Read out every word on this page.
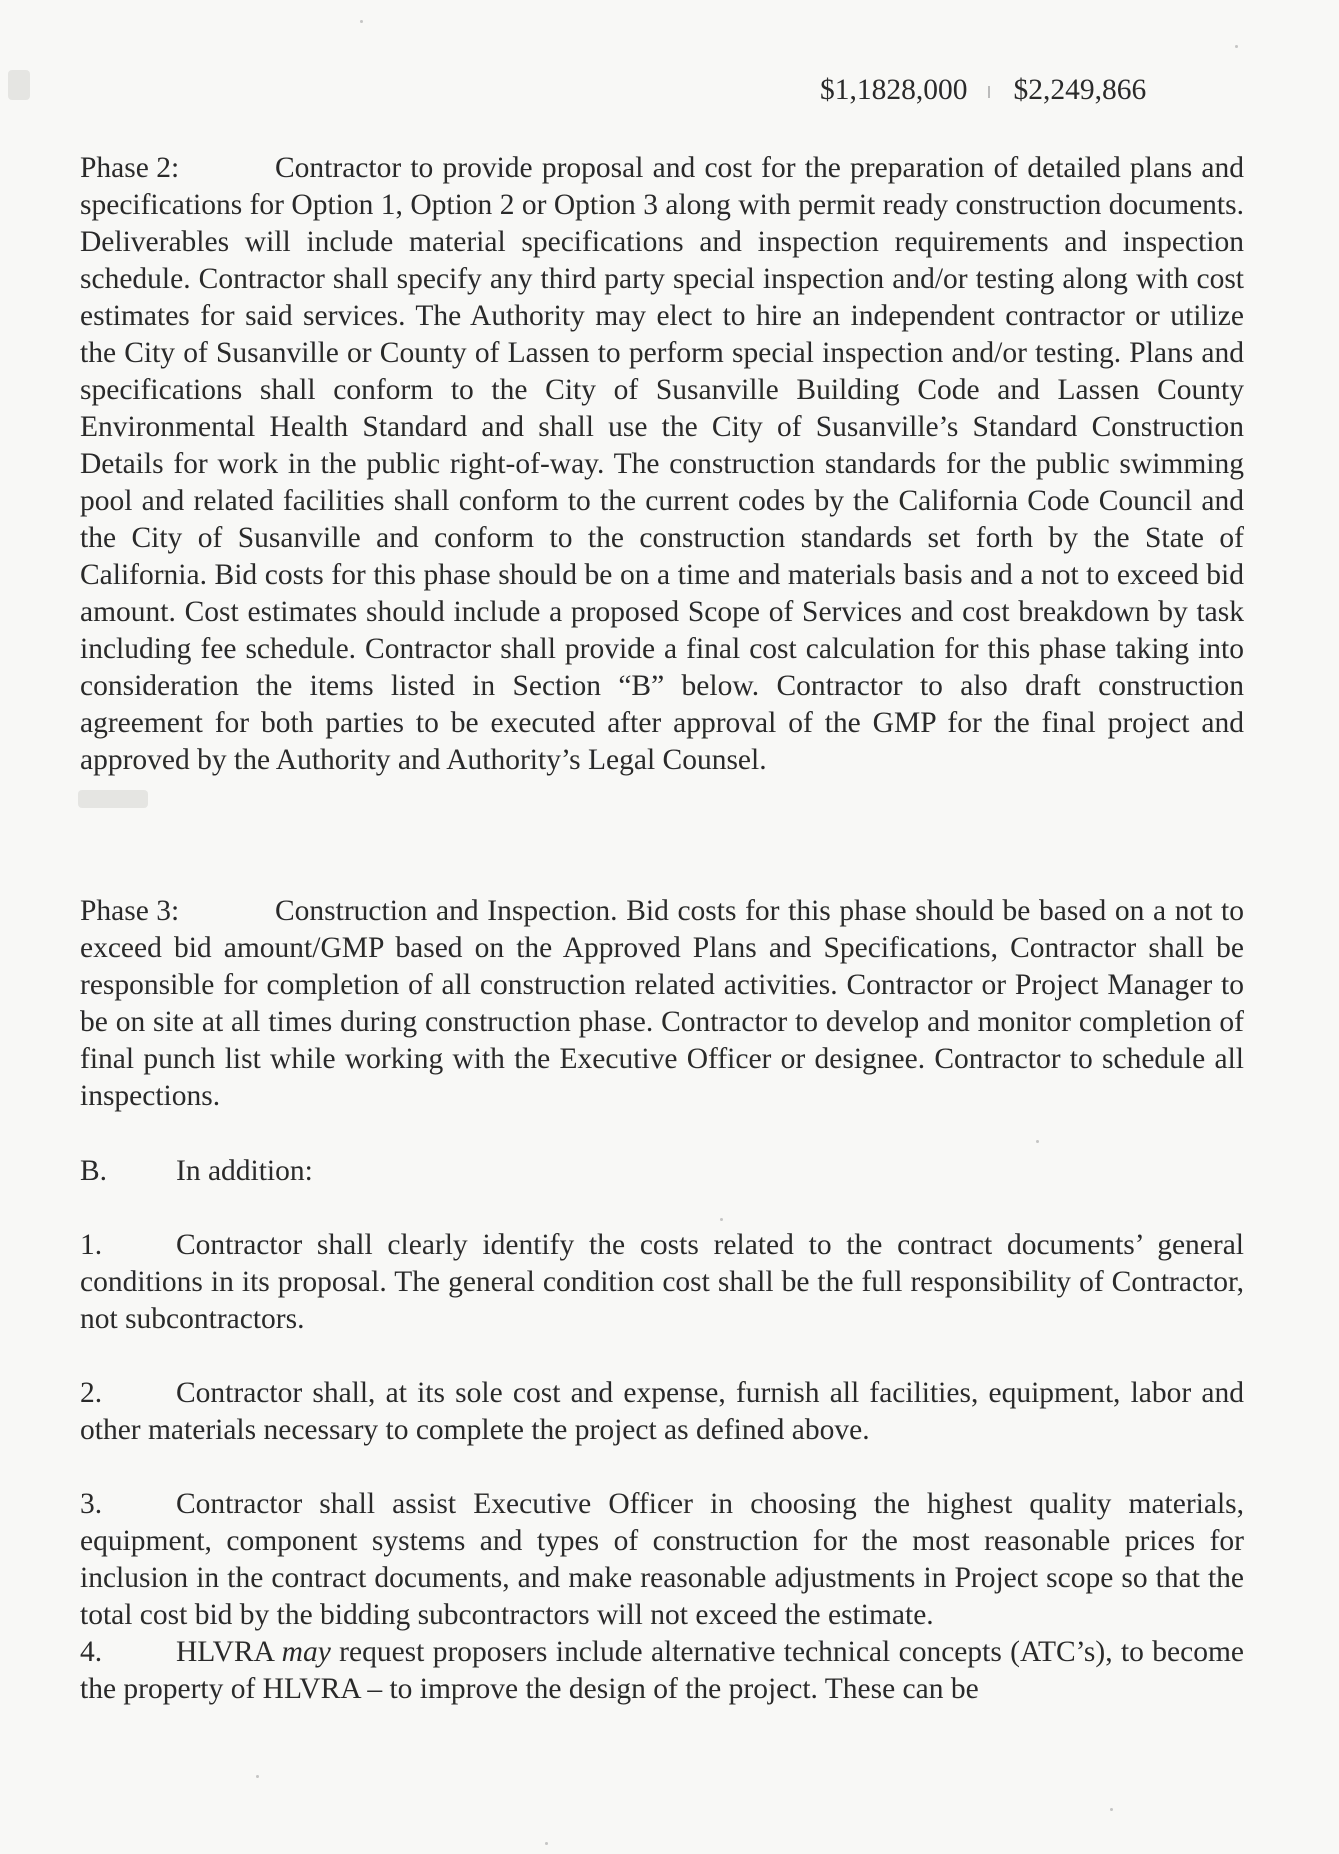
$1,1828,000 $2,249,866

Phase 2:	Contractor to provide proposal and cost for the preparation of detailed plans and specifications for Option 1, Option 2 or Option 3 along with permit ready construction documents. Deliverables will include material specifications and inspection requirements and inspection schedule. Contractor shall specify any third party special inspection and/or testing along with cost estimates for said services. The Authority may elect to hire an independent contractor or utilize the City of Susanville or County of Lassen to perform special inspection and/or testing. Plans and specifications shall conform to the City of Susanville Building Code and Lassen County Environmental Health Standard and shall use the City of Susanville’s Standard Construction Details for work in the public right-of-way. The construction standards for the public swimming pool and related facilities shall conform to the current codes by the California Code Council and the City of Susanville and conform to the construction standards set forth by the State of California. Bid costs for this phase should be on a time and materials basis and a not to exceed bid amount. Cost estimates should include a proposed Scope of Services and cost breakdown by task including fee schedule. Contractor shall provide a final cost calculation for this phase taking into consideration the items listed in Section “B” below. Contractor to also draft construction agreement for both parties to be executed after approval of the GMP for the final project and approved by the Authority and Authority’s Legal Counsel.

Phase 3:	Construction and Inspection. Bid costs for this phase should be based on a not to exceed bid amount/GMP based on the Approved Plans and Specifications, Contractor shall be responsible for completion of all construction related activities. Contractor or Project Manager to be on site at all times during construction phase. Contractor to develop and monitor completion of final punch list while working with the Executive Officer or designee. Contractor to schedule all inspections.

B. In addition:

1.	Contractor shall clearly identify the costs related to the contract documents’ general conditions in its proposal. The general condition cost shall be the full responsibility of Contractor, not subcontractors.

2.	Contractor shall, at its sole cost and expense, furnish all facilities, equipment, labor and other materials necessary to complete the project as defined above.

3.	Contractor shall assist Executive Officer in choosing the highest quality materials, equipment, component systems and types of construction for the most reasonable prices for inclusion in the contract documents, and make reasonable adjustments in Project scope so that the total cost bid by the bidding subcontractors will not exceed the estimate.

4.	HLVRA may request proposers include alternative technical concepts (ATC’s), to become the property of HLVRA – to improve the design of the project. These can be
